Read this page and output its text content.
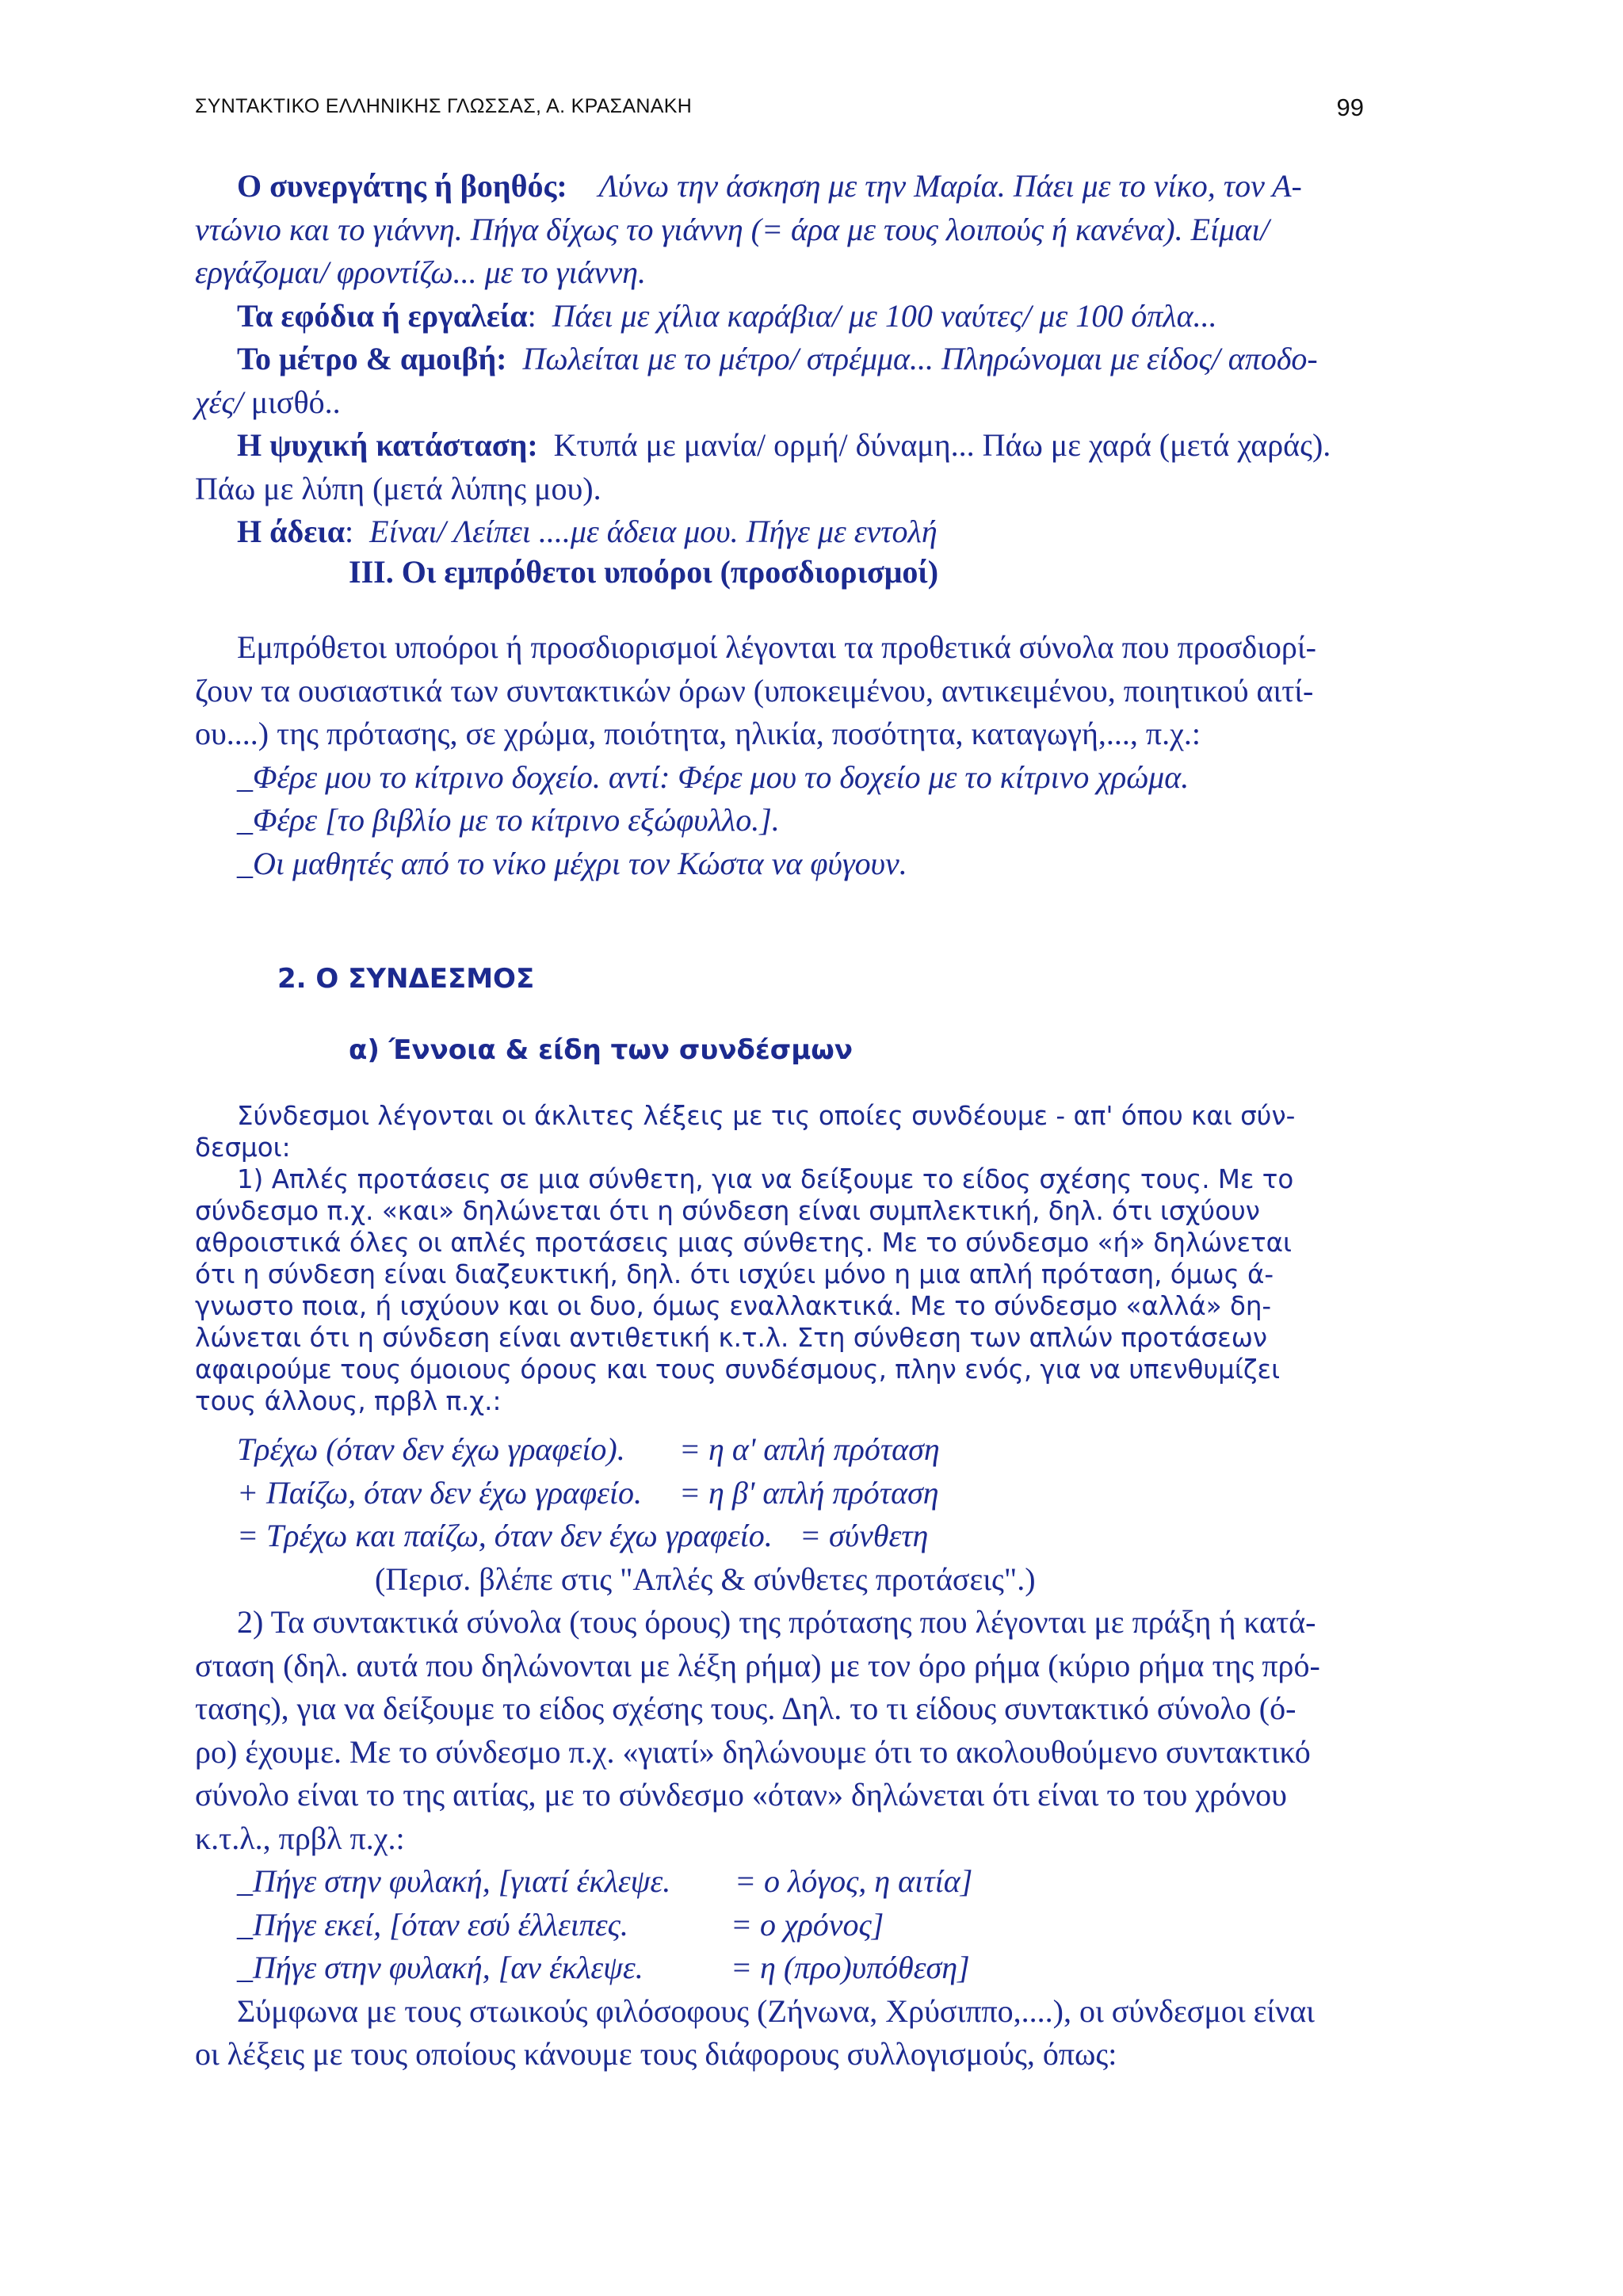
ΣΥΝΤΑΚΤΙΚΟ ΕΛΛΗΝΙΚΗΣ ΓΛΩΣΣΑΣ, Α. ΚΡΑΣΑΝΑΚΗ	99

Ο συνεργάτης ή βοηθός: Λύνω την άσκηση με την Μαρία. Πάει με το νίκο, τον Α-

ντώνιο και το γιάννη. Πήγα δίχως το γιάννη (= άρα με τους λοιπούς ή κανένα). Είμαι/

εργάζομαι/ φροντίζω... με το γιάννη.

Τα εφόδια ή εργαλεία:  Πάει με χίλια καράβια/ με 100 ναύτες/ με 100 όπλα...

Το μέτρο & αμοιβή: Πωλείται με το μέτρο/ στρέμμα... Πληρώνομαι με είδος/ αποδο-

χές/ μισθό..

Η ψυχική κατάσταση: Κτυπά με μανία/ ορμή/ δύναμη... Πάω με χαρά (μετά χαράς).

Πάω με λύπη (μετά λύπης μου).

Η άδεια:  Είναι/ Λείπει ....με άδεια μου. Πήγε με εντολή

ΙΙΙ. Οι εμπρόθετοι υποόροι (προσδιορισμοί)

Εμπρόθετοι υποόροι ή προσδιορισμοί λέγονται τα προθετικά σύνολα που προσδιορί-

ζουν τα ουσιαστικά των συντακτικών όρων (υποκειμένου, αντικειμένου, ποιητικού αιτί-

ου....) της πρότασης, σε χρώμα, ποιότητα, ηλικία, ποσότητα, καταγωγή,..., π.χ.:

_Φέρε μου το κίτρινο δοχείο. αντί: Φέρε μου το δοχείο με το κίτρινο χρώμα.

_Φέρε [το βιβλίο με το κίτρινο εξώφυλλο.].

_Οι μαθητές από το νίκο μέχρι τον Κώστα να φύγουν.

2. Ο ΣΥΝΔΕΣΜΟΣ
α) Έννοια & είδη των συνδέσμων

Σύνδεσμοι λέγονται οι άκλιτες λέξεις με τις οποίες συνδέουμε - απ' όπου και σύν-

δεσμοι:

1) Απλές προτάσεις σε μια σύνθετη, για να δείξουμε το είδος σχέσης τους. Με το

σύνδεσμο π.χ. «και» δηλώνεται ότι η σύνδεση είναι συμπλεκτική, δηλ. ότι ισχύουν

αθροιστικά όλες οι απλές προτάσεις μιας σύνθετης. Με το σύνδεσμο «ή» δηλώνεται

ότι η σύνδεση είναι διαζευκτική, δηλ. ότι ισχύει μόνο η μια απλή πρόταση, όμως ά-

γνωστο ποια, ή ισχύουν και οι δυο, όμως εναλλακτικά. Με το σύνδεσμο «αλλά» δη-

λώνεται ότι η σύνδεση είναι αντιθετική κ.τ.λ. Στη σύνθεση των απλών προτάσεων

αφαιρούμε τους όμοιους όρους και τους συνδέσμους, πλην ενός, για να υπενθυμίζει

τους άλλους, πρβλ π.χ.:

Τρέχω (όταν δεν έχω γραφείο). = η α' απλή πρόταση

+ Παίζω, όταν δεν έχω γραφείο. = η β' απλή πρόταση

= Τρέχω και παίζω, όταν δεν έχω γραφείο. = σύνθετη

(Περισ. βλέπε στις "Απλές & σύνθετες προτάσεις".)

2) Τα συντακτικά σύνολα (τους όρους) της πρότασης που λέγονται με πράξη ή κατά-

σταση (δηλ. αυτά που δηλώνονται με λέξη ρήμα) με τον όρο ρήμα (κύριο ρήμα της πρό-

τασης), για να δείξουμε το είδος σχέσης τους. Δηλ. το τι είδους συντακτικό σύνολο (ό-

ρο) έχουμε. Με το σύνδεσμο π.χ. «γιατί» δηλώνουμε ότι το ακολουθούμενο συντακτικό

σύνολο είναι το της αιτίας, με το σύνδεσμο «όταν» δηλώνεται ότι είναι το του χρόνου

κ.τ.λ., πρβλ π.χ.:

_Πήγε στην φυλακή, [γιατί έκλεψε. = ο λόγος, η αιτία]

_Πήγε εκεί, [όταν εσύ έλλειπες.	= ο χρόνος]

_Πήγε στην φυλακή, [αν έκλεψε.	= η (προ)υπόθεση]

Σύμφωνα με τους στωικούς φιλόσοφους (Ζήνωνα, Χρύσιππο,....), οι σύνδεσμοι είναι

οι λέξεις με τους οποίους κάνουμε τους διάφορους συλλογισμούς, όπως:
